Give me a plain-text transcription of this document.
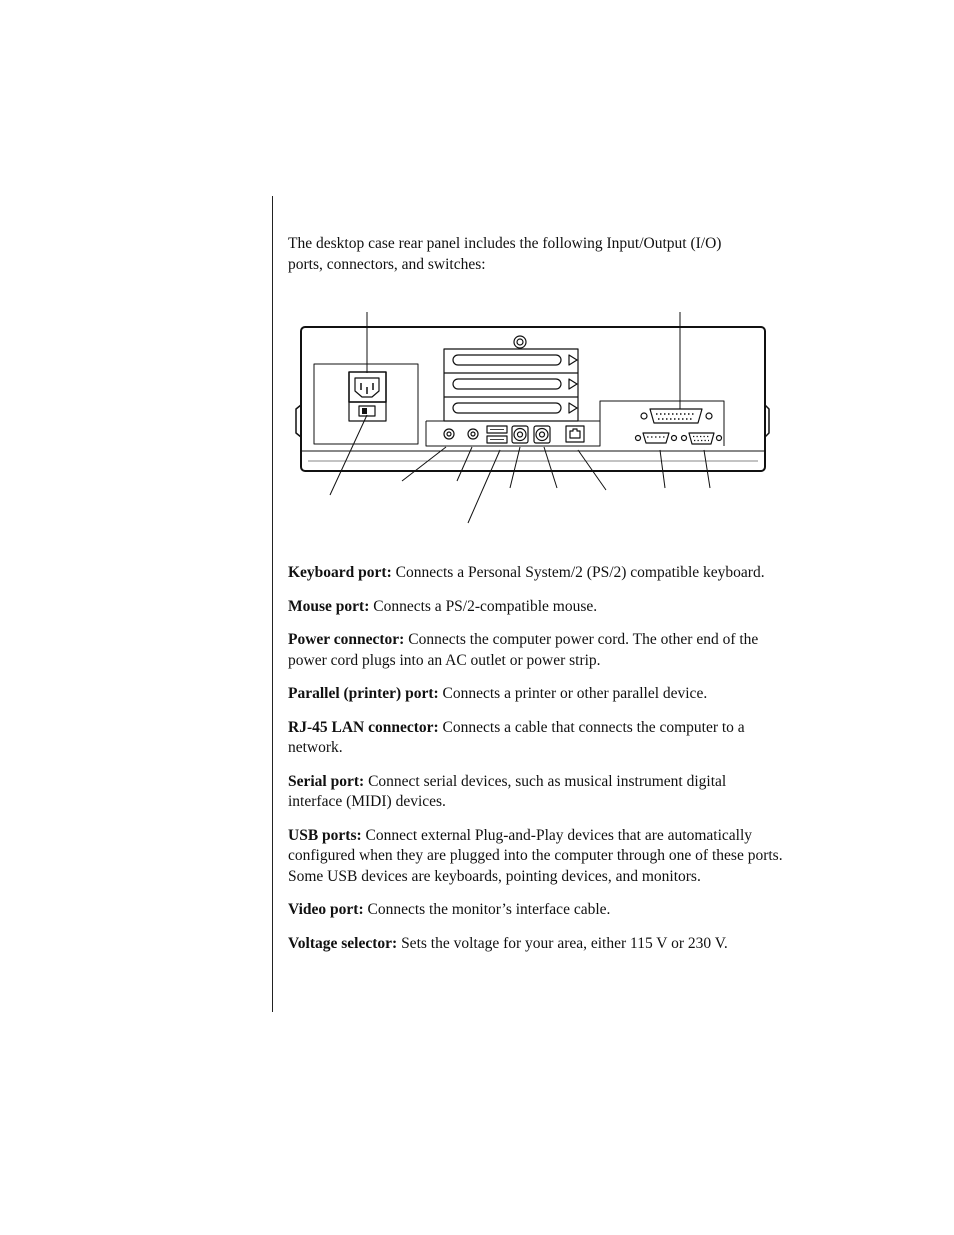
The desktop case rear panel includes the following Input/Output (I/O) ports, connectors, and switches:

Keyboard port: Connects a Personal System/2 (PS/2) compatible keyboard.

Mouse port: Connects a PS/2-compatible mouse.

Power connector: Connects the computer power cord. The other end of the power cord plugs into an AC outlet or power strip.

Parallel (printer) port: Connects a printer or other parallel device.

RJ-45 LAN connector: Connects a cable that connects the computer to a network.

Serial port: Connect serial devices, such as musical instrument digital interface (MIDI) devices.

USB ports: Connect external Plug-and-Play devices that are automatically configured when they are plugged into the computer through one of these ports. Some USB devices are keyboards, pointing devices, and monitors.

Video port: Connects the monitor’s interface cable.

Voltage selector: Sets the voltage for your area, either 115 V or 230 V.
